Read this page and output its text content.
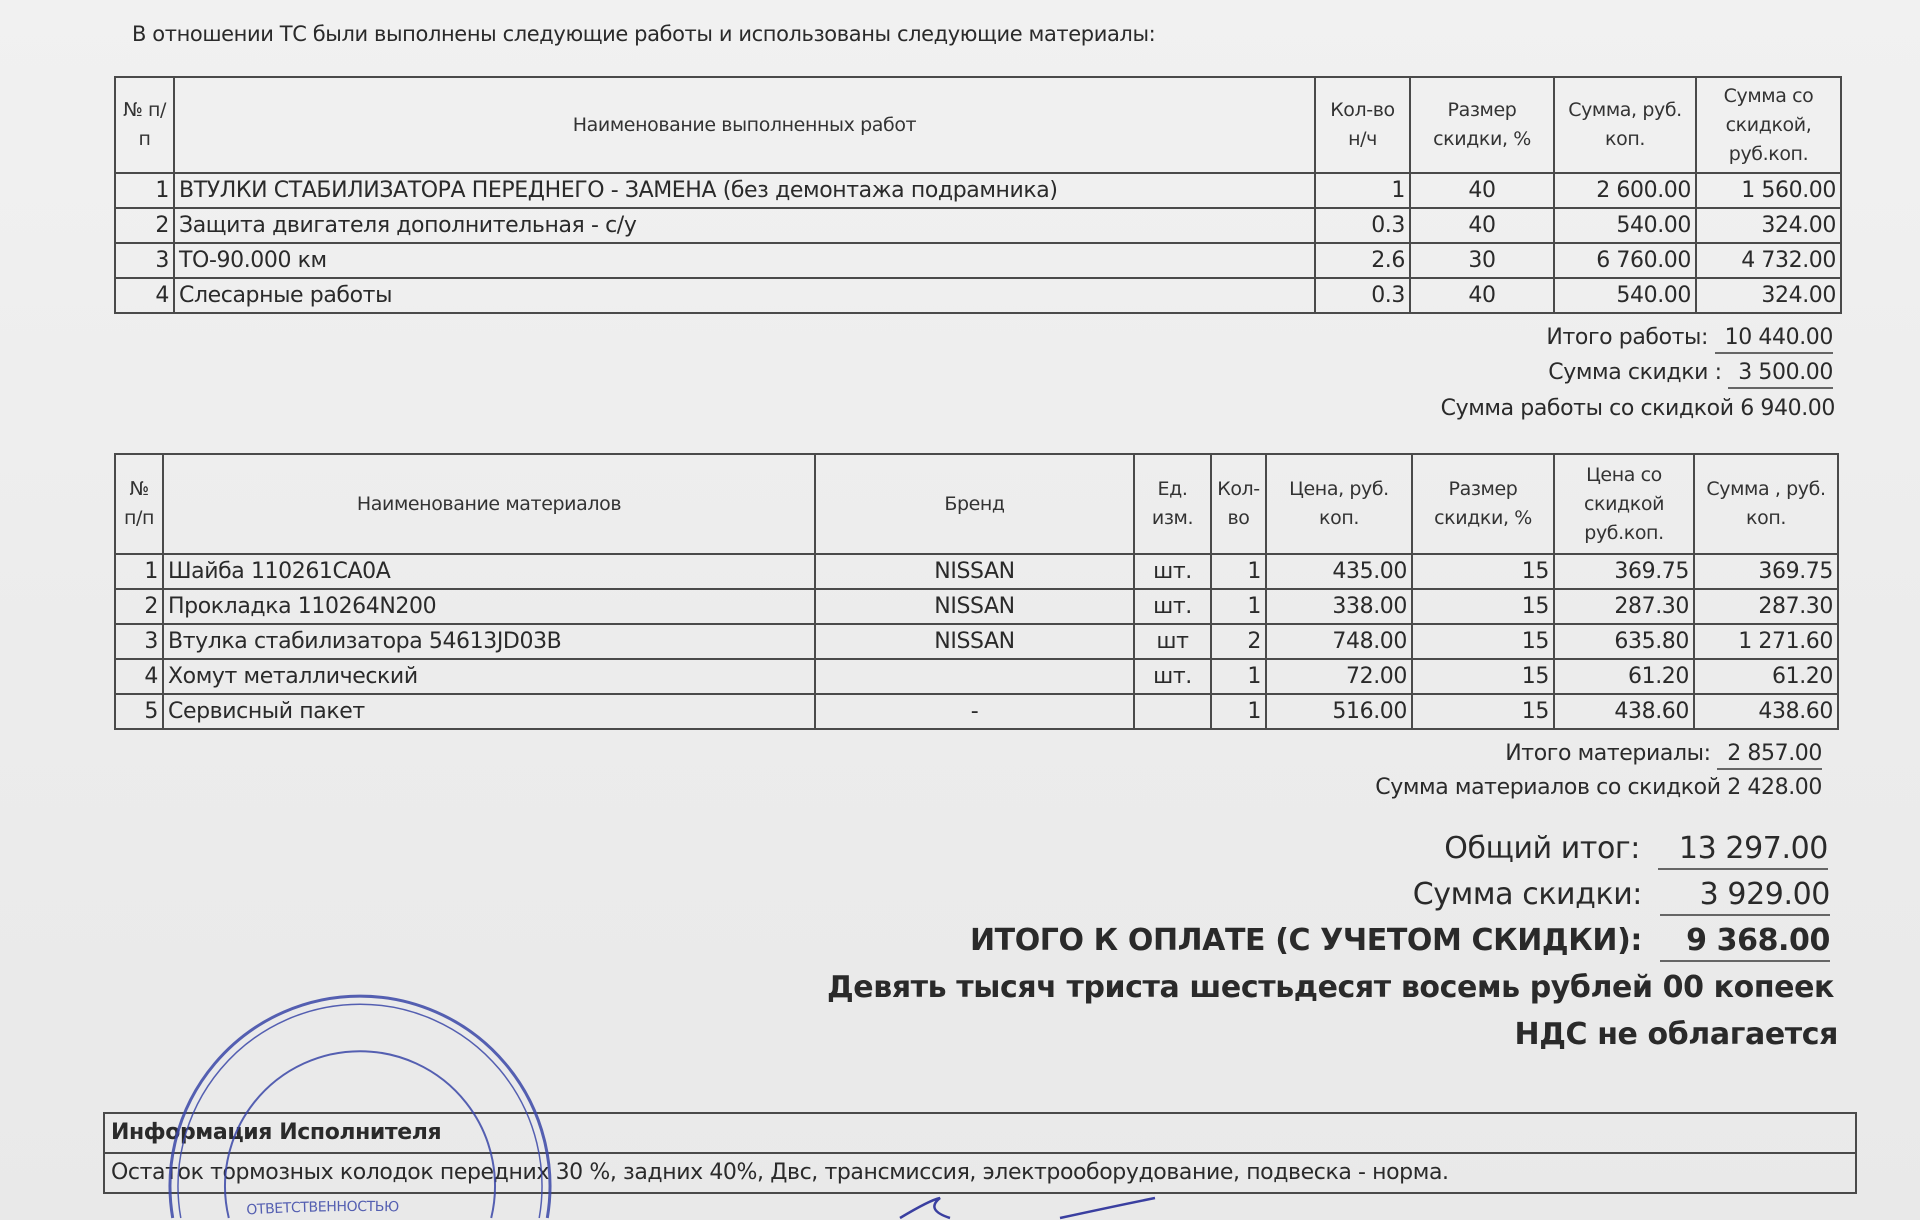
В отношении ТС были выполнены следующие работы и использованы следующие материалы:
№ п/п	Наименование выполненных работ	Кол-во н/ч	Размер скидки, %	Сумма, руб. коп.	Сумма со скидкой, руб.коп.
1	ВТУЛКИ СТАБИЛИЗАТОРА ПЕРЕДНЕГО - ЗАМЕНА (без демонтажа подрамника)	1	40	2 600.00	1 560.00
2	Защита двигателя дополнительная - с/у	0.3	40	540.00	324.00
3	ТО-90.000 км	2.6	30	6 760.00	4 732.00
4	Слесарные работы	0.3	40	540.00	324.00
Итого работы: 10 440.00
Сумма скидки : 3 500.00
Сумма работы со скидкой 6 940.00
№ п/п	Наименование материалов	Бренд	Ед. изм.	Кол-во	Цена, руб. коп.	Размер скидки, %	Цена со скидкой руб.коп.	Сумма , руб. коп.
1	Шайба 110261CA0A	NISSAN	шт.	1	435.00	15	369.75	369.75
2	Прокладка 110264N200	NISSAN	шт.	1	338.00	15	287.30	287.30
3	Втулка стабилизатора 54613JD03B	NISSAN	шт	2	748.00	15	635.80	1 271.60
4	Хомут металлический		шт.	1	72.00	15	61.20	61.20
5	Сервисный пакет	-		1	516.00	15	438.60	438.60
Итого материалы: 2 857.00
Сумма материалов со скидкой 2 428.00
Общий итог: 13 297.00
Сумма скидки: 3 929.00
ИТОГО К ОПЛАТЕ (С УЧЕТОМ СКИДКИ): 9 368.00
Девять тысяч триста шестьдесят восемь рублей 00 копеек
НДС не облагается
Информация Исполнителя
Остаток тормозных колодок передних 30 %, задних 40%, Двс, трансмиссия, электрооборудование, подвеска - норма.
ОТВЕТСТВЕННОСТЬЮ
